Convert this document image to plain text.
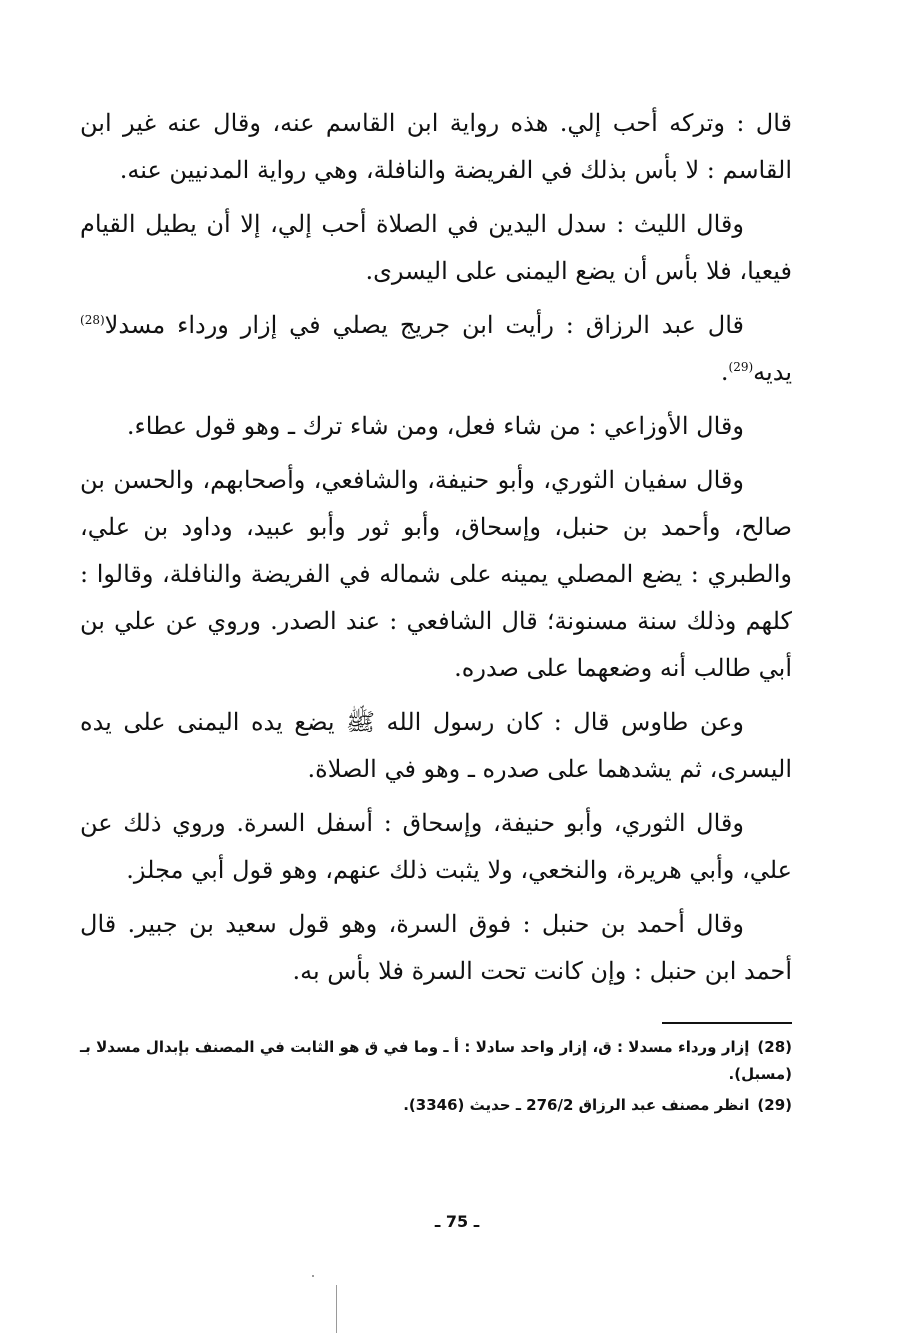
قال : وتركه أحب إلي. هذه رواية ابن القاسم عنه، وقال عنه غير ابن القاسم : لا بأس بذلك في الفريضة والنافلة، وهي رواية المدنيين عنه.

وقال الليث : سدل اليدين في الصلاة أحب إلي، إلا أن يطيل القيام فيعيا، فلا بأس أن يضع اليمنى على اليسرى.

قال عبد الرزاق : رأيت ابن جريج يصلي في إزار ورداء مسدلا$^{(28)}$ يديه$^{(29)}$.

وقال الأوزاعي : من شاء فعل، ومن شاء ترك ـ وهو قول عطاء.

وقال سفيان الثوري، وأبو حنيفة، والشافعي، وأصحابهم، والحسن بن صالح، وأحمد بن حنبل، وإسحاق، وأبو ثور وأبو عبيد، وداود بن علي، والطبري : يضع المصلي يمينه على شماله في الفريضة والنافلة، وقالوا : كلهم وذلك سنة مسنونة؛ قال الشافعي : عند الصدر. وروي عن علي بن أبي طالب أنه وضعهما على صدره.

وعن طاوس قال : كان رسول الله ﷺ يضع يده اليمنى على يده اليسرى، ثم يشدهما على صدره ـ وهو في الصلاة.

وقال الثوري، وأبو حنيفة، وإسحاق : أسفل السرة. وروي ذلك عن علي، وأبي هريرة، والنخعي، ولا يثبت ذلك عنهم، وهو قول أبي مجلز.

وقال أحمد بن حنبل : فوق السرة، وهو قول سعيد بن جبير. قال أحمد ابن حنبل : وإن كانت تحت السرة فلا بأس به.

(28)إزار ورداء مسدلا : ق، إزار واحد سادلا : أ ـ وما في ق هو الثابت في المصنف بإبدال مسدلا بـ (مسبل).

(29)انظر مصنف عبد الرزاق 276/2 ـ حديث (3346).

ـ 75 ـ
